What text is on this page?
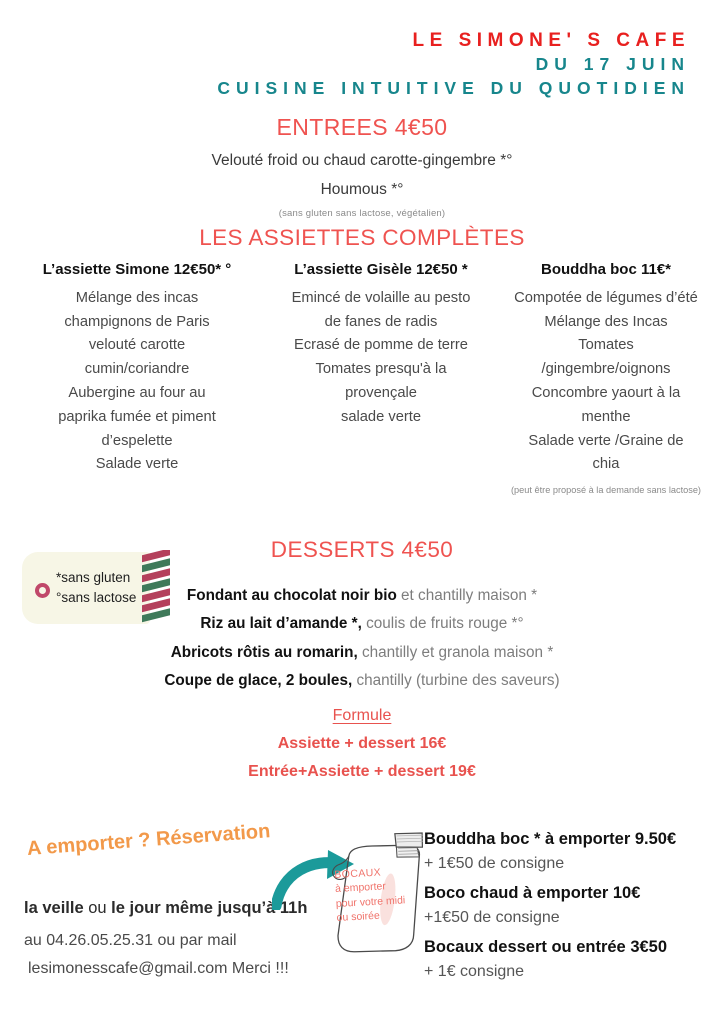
LE SIMONE' S CAFE
DU 17 JUIN
CUISINE INTUITIVE DU QUOTIDIEN
ENTREES 4€50
Velouté froid ou chaud carotte-gingembre *°
Houmous *°
(sans gluten sans lactose, végétalien)
LES ASSIETTES COMPLÈTES
L’assiette Simone 12€50* °
Mélange des incas
champignons de Paris
velouté carotte
cumin/coriandre
Aubergine au four au
paprika fumée et piment
d’espelette
Salade verte
L’assiette Gisèle 12€50 *
Emincé de volaille au pesto
de fanes de radis
Ecrasé de pomme de terre
Tomates presqu'à la
provençale
salade verte
Bouddha boc 11€*
Compotée de légumes d’été
Mélange des Incas
Tomates
/gingembre/oignons
Concombre yaourt à la
menthe
Salade verte /Graine de
chia
(peut être proposé à la demande sans lactose)
*sans gluten
°sans lactose
DESSERTS 4€50
Fondant au chocolat noir bio et chantilly maison *
Riz au lait d’amande *, coulis de fruits rouge *°
Abricots rôtis au romarin, chantilly et granola maison *
Coupe de glace, 2 boules, chantilly (turbine des saveurs)
Formule
Assiette + dessert 16€
Entrée+Assiette + dessert 19€
A emporter ? Réservation
la veille ou le jour même jusqu’à 11h
au 04.26.05.25.31 ou par mail
lesimonesscafe@gmail.com Merci !!!
BOCAUX
à emporter
pour votre midi
ou soirée
Bouddha boc * à emporter 9.50€
+ 1€50 de consigne
Boco chaud à emporter 10€
+1€50 de consigne
Bocaux dessert ou entrée 3€50
+ 1€ consigne
